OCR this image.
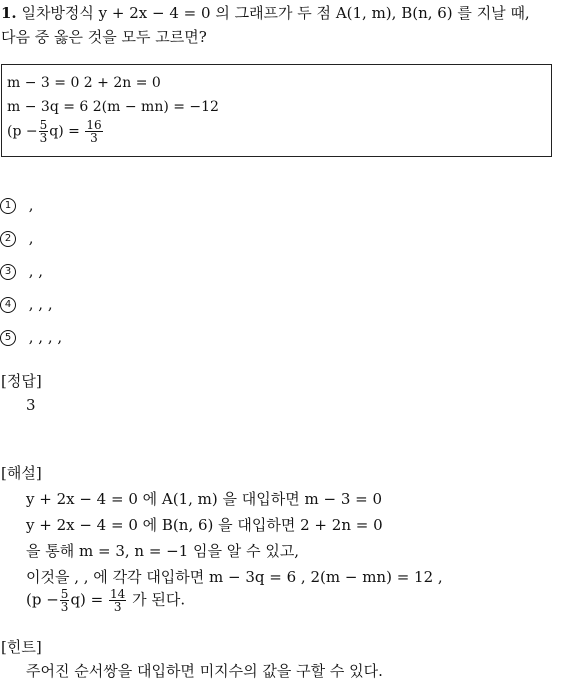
1. 일차방정식 y + 2x − 4 = 0 의 그래프가 두 점 A(1, m), B(n, 6) 를 지날 때,
다음 중 옳은 것을 모두 고르면?
m − 3 = 0 2 + 2n = 0
m − 3q = 6 2(m − mn) = −12
$(p - \frac{5}{3} q) = \frac{16}{3}$
1 ,
2 ,
3 , ,
4 , , ,
5 , , , ,
[정답]
3
[해설]
y + 2x − 4 = 0 에 A(1, m) 을 대입하면 m − 3 = 0
y + 2x − 4 = 0 에 B(n, 6) 을 대입하면 2 + 2n = 0
을 통해 m = 3, n = −1 임을 알 수 있고,
이것을 , , 에 각각 대입하면 m − 3q = 6 , 2(m − mn) = 12 ,
$(p - \frac{5}{3} q) = \frac{14}{3}$ 가 된다.
[힌트]
주어진 순서쌍을 대입하면 미지수의 값을 구할 수 있다.
